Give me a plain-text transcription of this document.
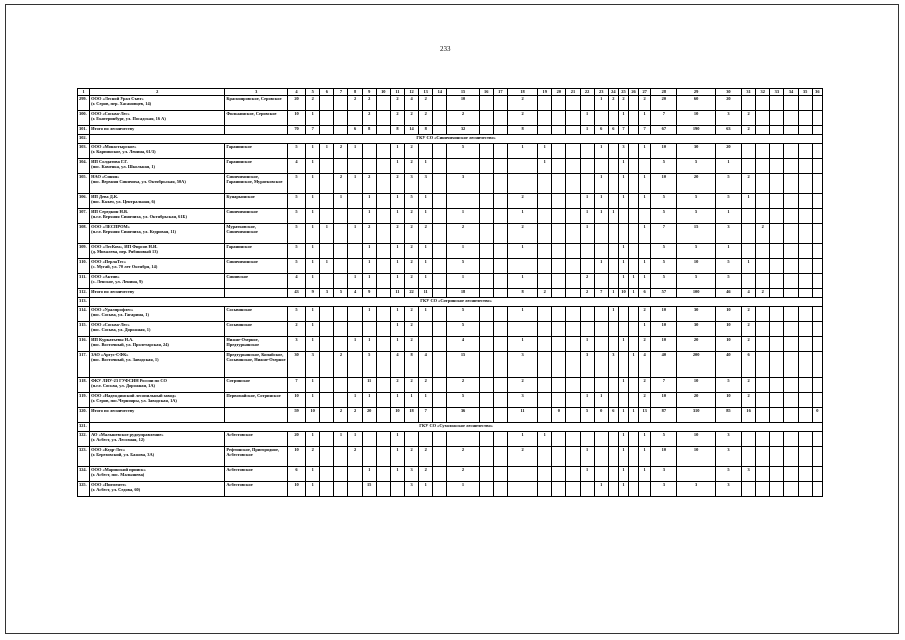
233
1	2	3	4	5	6	7	8	9	10	11	12	13	14	15	16	17	18	19	20	21	22	23	24	25	26	27	28	29	30	31	32	33	34	35	36
299.	ООО «Лесной Урал Съвт»
(г. Серов, пер. Хасановцев, 14)	Краснояровское, Серовское	20	2			2	2		2	4	2		10			2					1	2	2		2	20	60	20						
300.	ООО «Сосьва-Лес»
(г. Екатеринбург, ул. Посадская, 16 А)	Филькинское, Серовское	10	1				2		2	2	2		2			2				1			1		1	7	10	3	2					
301.	Итого по лесничеству		70	7			6	8		8	14	8		32			8				1	6	6	7		7	67	190	63	2					
302.	ГКУ СО «Синячихинское лесничество»																																		
303.	ООО «Монастырское»
(г. Карпинское, ул. Ленина, 61/3)	Гаранинское	5	1	1	2	1			1	2			5			1	1				1		3		1	10	30	20						
304.	ИП Солдатова Г.Г.
(пос. Каменка, ул. Школьная, 1)	Гаранинское	4	1						1	2	1						1						1			5	5	1						
305.	НАО «Синяя»
(пос. Верхняя Синячиха, ул. Октябрьская, 50А)	Синячихинское, Гаранинское, Муратковское	5	1		2	1	2		2	3	3		3								1		1		1	10	20	5	2					
306.	ИП Дева Д.К.
(пос. Калач, ул. Центральная, 6)	Кунарьинское	5	1		1		1		1	5	1					2				1	1		1		1	5	5	5	1					
307.	ИП Середкин Н.В.
(п.г.т. Верхняя Синячиха, ул. Октябрьская, 61Б)	Синячихинское	5	1				1		1	2	1		1			1				1	1	1				5	5	1						
308.	ООО «ЛЕСПРОМ»
(п.г.т. Верхняя Синячиха, ул. Кедровая, 11)	Муратковское, Синячихинское	5	1	1		1	2		2	2	2		2			2				1					1	7	15	3		2				
309.	ООО «ЛесКом», ИП Фирсов Н.И.
(д. Михалева, пер. Рябиновый 13)	Гаранинское	5	1				1		1	2	1		1			1							1			5	5	1						
310.	ООО «ПерлаТес»
(с. Мугай, ул. 70 лет Октября, 14)	Синячихинское	5	1	1			1		1	2	1		5								1		1		1	5	10	5	1					
311.	ООО «Актив»
(с. Ленское, ул. Ленина, 9)	Синявское	4	1			1	1		1	2	1		1			1				2			1	1	1	5	5	5						
312.	Итого по лесничеству		43	9	3	5	4	9		11	22	11		18			8	2			2	7	1	10	1	6	57	100	46	4	2				
313.	ГКУ СО «Сотринское лесничество»																																		
314.	ООО «Уралпрофлес»
(пос. Сосьва, ул. Гагарина, 1)	Сосьвинское	5	1				1		1	2	1		5			1						1			2	10	30	10	2					
315.	ООО «Сосьва-Лес»
(пос. Сосьва, ул. Дорожная, 1)	Сосьвинское	2	1						1	2			5												1	10	30	10	2					
316.	ИП Куркатьевы Н.А.
(пос. Восточный, ул. Пролетарская, 24)	Нижне-Озерное, Предтурьинское	3	1			1	1		1	2			4			1				1			1		2	10	20	10	2					
317.	ЗАО «Аргус-СФК»
(пос. Восточный, ул. Заводская, 1)	Предтурьинское, Копайское, Сосьвинское, Нижне-Озерное	30	3		2		5		4	8	4		15			3				3		3		1	4	40	200	40	6					
318.	ФКУ ЛИУ-23 ГУФСИН России по СО
(п.г.т. Сосьва, ул. Дорожная, 1А)	Сотринское	7	1				11		2	2	2		2			2							1		2	7	10	5	2					
319.	ООО «Надеждинский лесопильный завод»
(г. Серов, пос.Чернояры, ул. Заводская, 1А)	Первомайское, Сотринское	10	1			1	1		1	1	1		5			3				1	1				2	10	20	10	2					
320.	Итого по лесничеству		59	10		2	2	20		10	18	7		36			11		0		5	0	6	1	1	13	87	310	85	16					0
321.	ГКУ СО «Сухоложское лесничество»																																		
322.	АО «Мальшевское рудоуправление»
(г. Асбест, ул. Лесозная, 12)	Асбестовское	20	1		1	1			1							1	1						1		1	5	10	3						
323.	ООО «Кедр-Лес»
(г. Березовский, ул. Бажова, 3А)	Рефтинское, Пригородное, Асбестовское	10	2			2			1	2	2		2			2				1			1		1	10	10	3						
324.	ООО «Маринский прииск»
(г. Асбест, пос. Малышева)	Асбестовское	6	1				1		1	3	2		2							1			1		1	3		5	3					
325.	ООО «Пигментт»
(г. Асбест, ул. Седова, 60)	Асбестовское	10	1				15			3	1		1								1		1			3	3	3						
